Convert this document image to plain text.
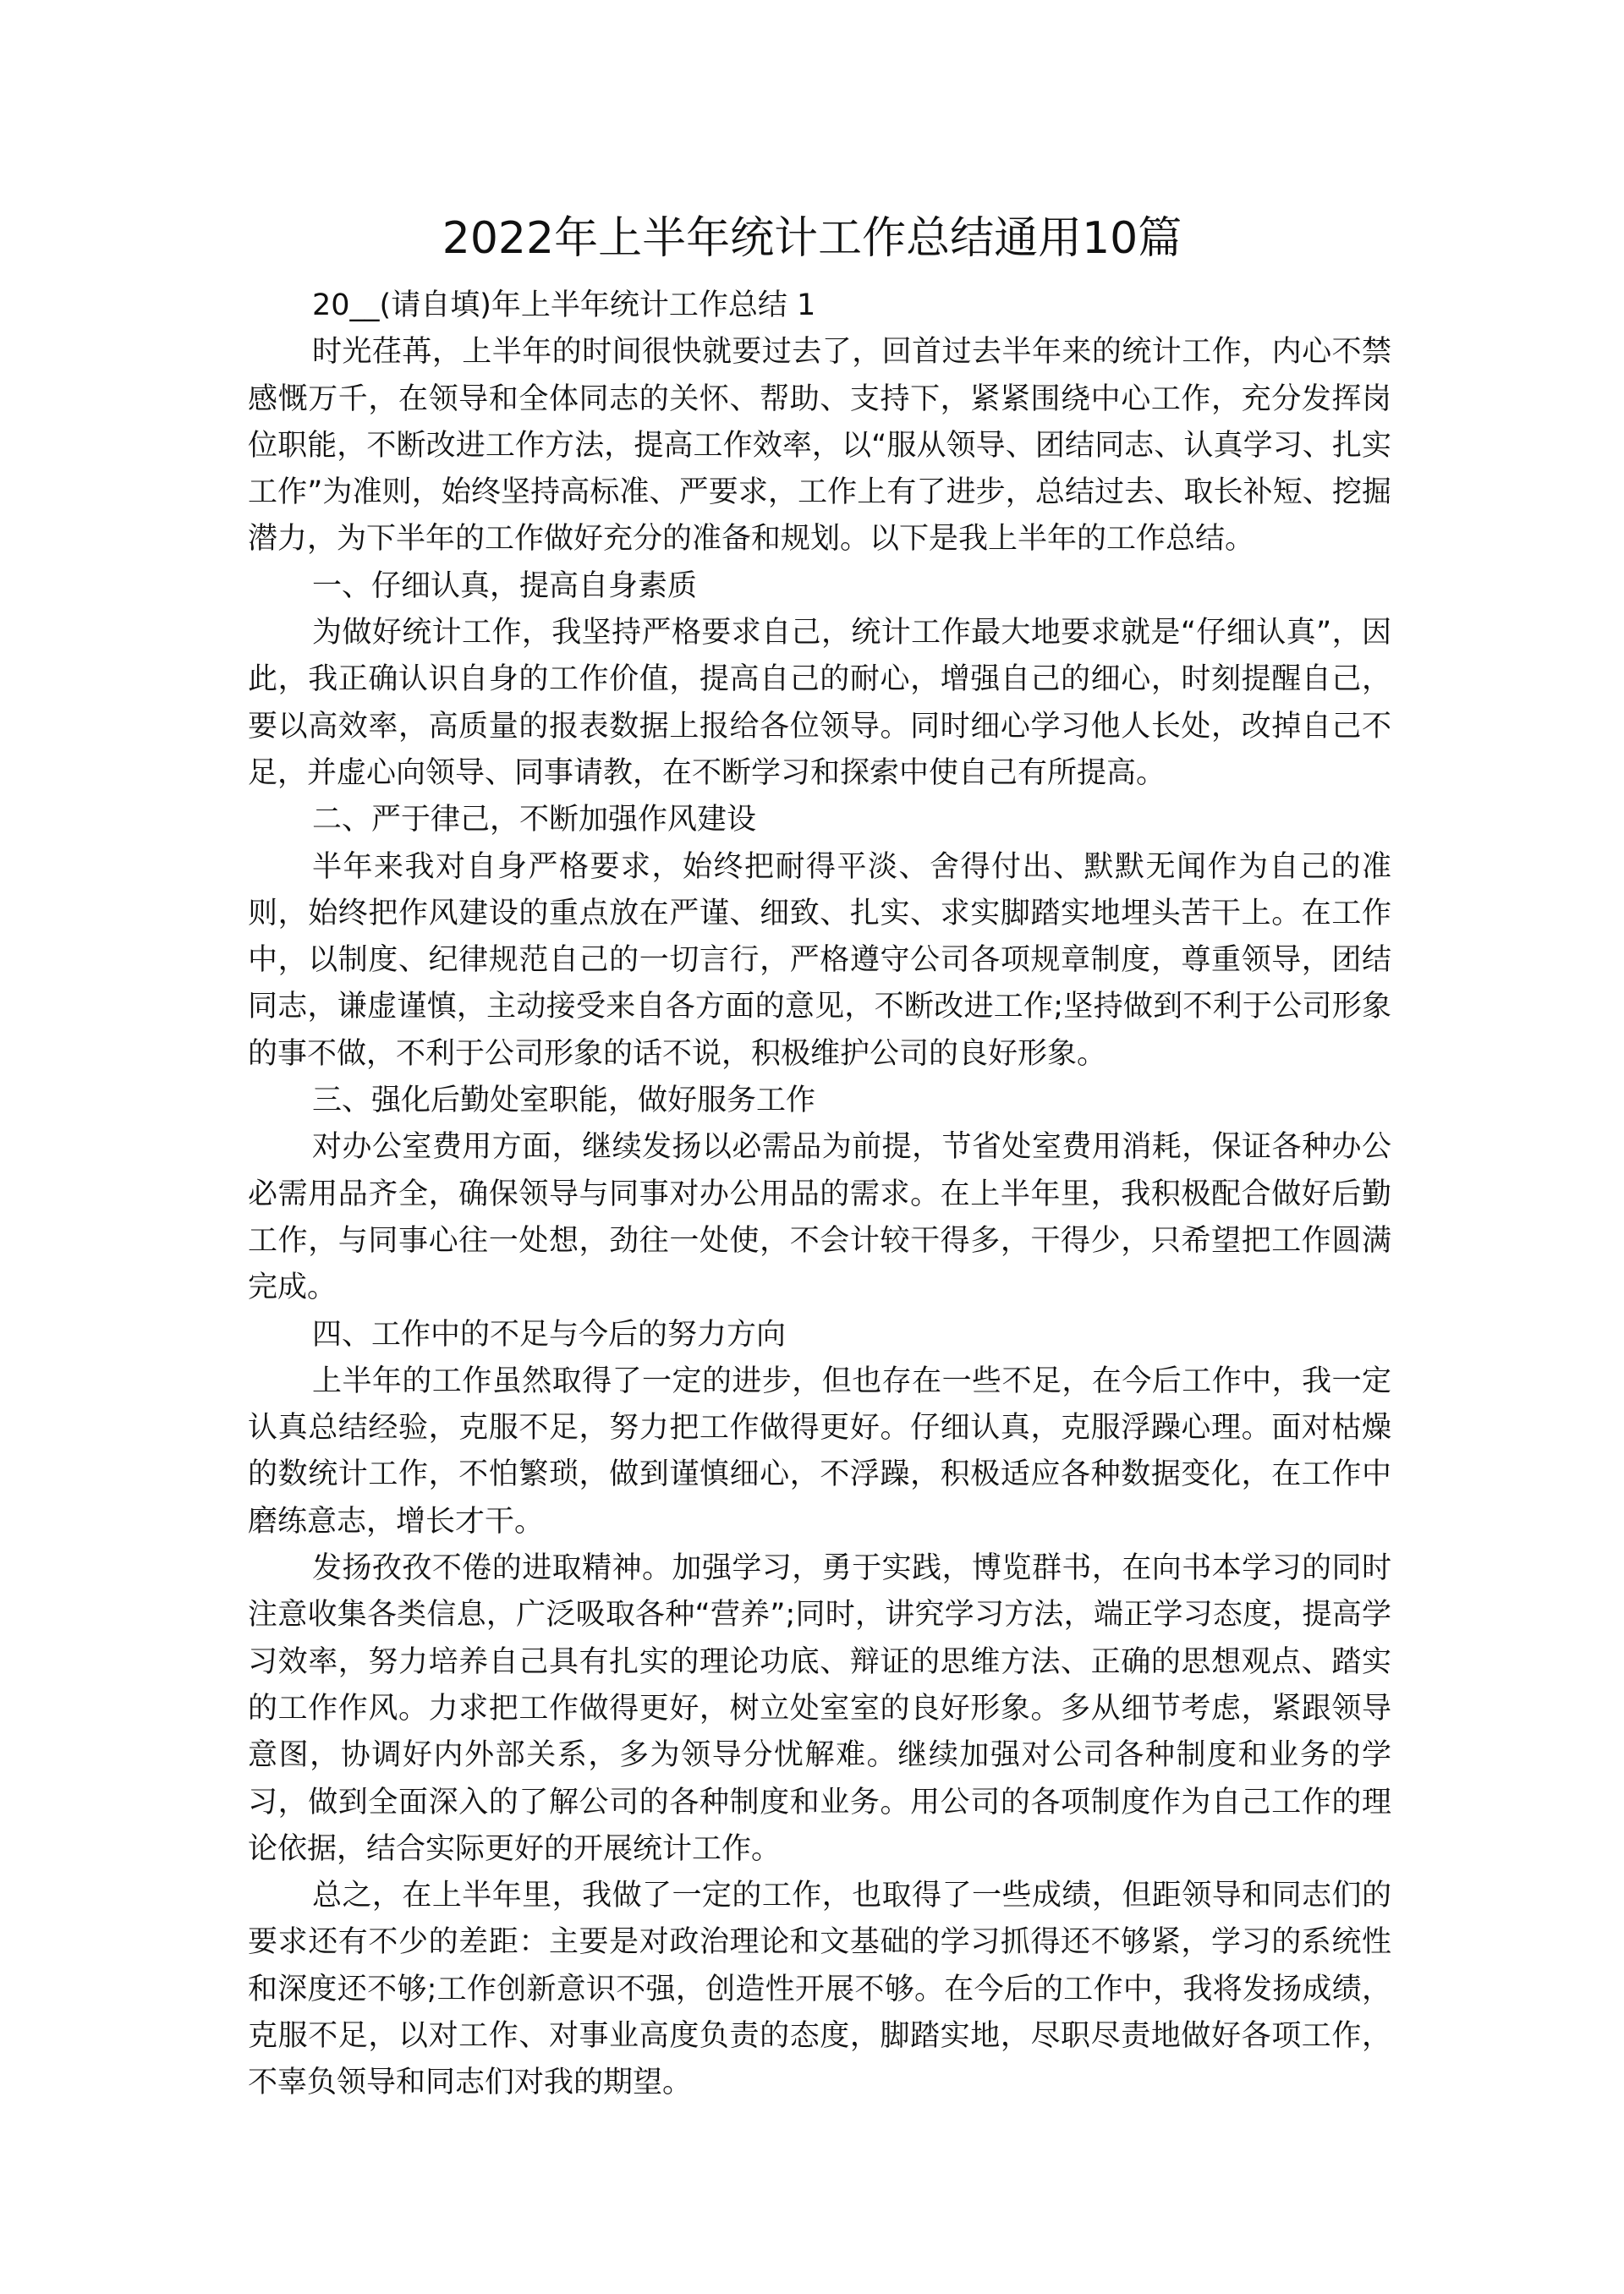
2022年上半年统计工作总结通用10篇

20__(请自填)年上半年统计工作总结 1

时光荏苒，上半年的时间很快就要过去了，回首过去半年来的统计工作，内心不禁感慨万千，在领导和全体同志的关怀、帮助、支持下，紧紧围绕中心工作，充分发挥岗位职能，不断改进工作方法，提高工作效率，以“服从领导、团结同志、认真学习、扎实工作”为准则，始终坚持高标准、严要求，工作上有了进步，总结过去、取长补短、挖掘潜力，为下半年的工作做好充分的准备和规划。以下是我上半年的工作总结。

一、仔细认真，提高自身素质

为做好统计工作，我坚持严格要求自己，统计工作最大地要求就是“仔细认真”，因此，我正确认识自身的工作价值，提高自己的耐心，增强自己的细心，时刻提醒自己，要以高效率，高质量的报表数据上报给各位领导。同时细心学习他人长处，改掉自己不足，并虚心向领导、同事请教，在不断学习和探索中使自己有所提高。

二、严于律己，不断加强作风建设

半年来我对自身严格要求，始终把耐得平淡、舍得付出、默默无闻作为自己的准则，始终把作风建设的重点放在严谨、细致、扎实、求实脚踏实地埋头苦干上。在工作中，以制度、纪律规范自己的一切言行，严格遵守公司各项规章制度，尊重领导，团结同志，谦虚谨慎，主动接受来自各方面的意见，不断改进工作;坚持做到不利于公司形象的事不做，不利于公司形象的话不说，积极维护公司的良好形象。

三、强化后勤处室职能，做好服务工作

对办公室费用方面，继续发扬以必需品为前提，节省处室费用消耗，保证各种办公必需用品齐全，确保领导与同事对办公用品的需求。在上半年里，我积极配合做好后勤工作，与同事心往一处想，劲往一处使，不会计较干得多，干得少，只希望把工作圆满完成。

四、工作中的不足与今后的努力方向

上半年的工作虽然取得了一定的进步，但也存在一些不足，在今后工作中，我一定认真总结经验，克服不足，努力把工作做得更好。仔细认真，克服浮躁心理。面对枯燥的数统计工作，不怕繁琐，做到谨慎细心，不浮躁，积极适应各种数据变化，在工作中磨练意志，增长才干。

发扬孜孜不倦的进取精神。加强学习，勇于实践，博览群书，在向书本学习的同时注意收集各类信息，广泛吸取各种“营养”;同时，讲究学习方法，端正学习态度，提高学习效率，努力培养自己具有扎实的理论功底、辩证的思维方法、正确的思想观点、踏实的工作作风。力求把工作做得更好，树立处室室的良好形象。多从细节考虑，紧跟领导意图，协调好内外部关系，多为领导分忧解难。继续加强对公司各种制度和业务的学习，做到全面深入的了解公司的各种制度和业务。用公司的各项制度作为自己工作的理论依据，结合实际更好的开展统计工作。

总之，在上半年里，我做了一定的工作，也取得了一些成绩，但距领导和同志们的要求还有不少的差距：主要是对政治理论和文基础的学习抓得还不够紧，学习的系统性和深度还不够;工作创新意识不强，创造性开展不够。在今后的工作中，我将发扬成绩，克服不足，以对工作、对事业高度负责的态度，脚踏实地，尽职尽责地做好各项工作，不辜负领导和同志们对我的期望。
